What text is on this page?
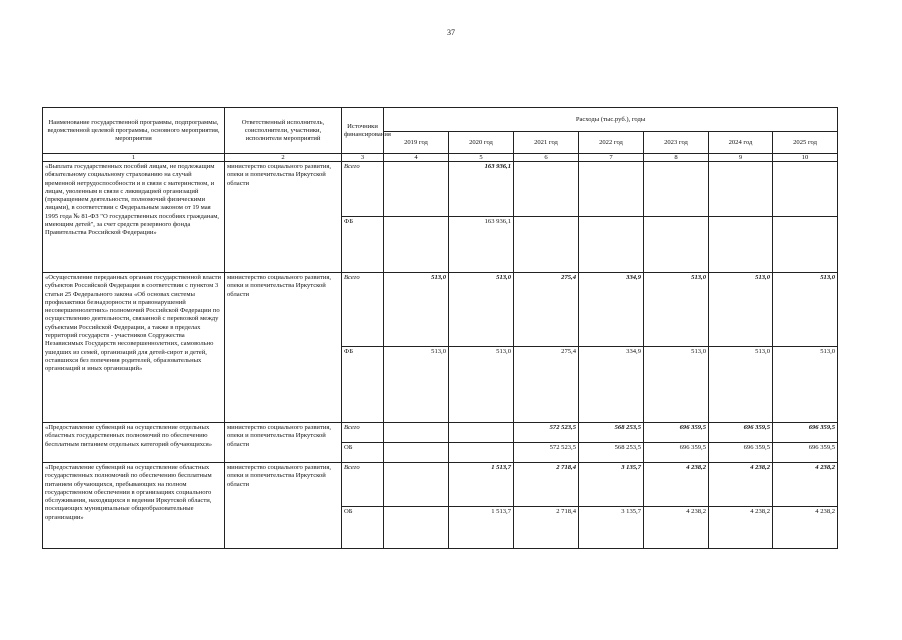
37
Наименование государственной программы, подпрограммы, ведомственной целевой программы, основного мероприятия, мероприятия	Ответственный исполнитель, соисполнители, участники, исполнители мероприятий	Источники финансирования	Расходы (тыс.руб.), годы						
			2019 год	2020 год	2021 год	2022 год	2023 год	2024 год	2025 год
1	2	3	4	5	6	7	8	9	10
«Выплата государственных пособий лицам, не подлежащим обязательному социальному страхованию на случай временной нетрудоспособности и в связи с материнством, и лицам, уволенным в связи с ликвидацией организаций (прекращением деятельности, полномочий физическими лицами), в соответствии с Федеральным законом от 19 мая 1995 года № 81-ФЗ "О государственных пособиях гражданам, имеющим детей", за счет средств резервного фонда Правительства Российской Федерации»	министерство социального развития, опеки и попечительства Иркутской области	Всего		163 936,1					
		ФБ		163 936,1					
«Осуществление переданных органам государственной власти субъектов Российской Федерации в соответствии с пунктом 3 статьи 25 Федерального закона «Об основах системы профилактики безнадзорности и правонарушений несовершеннолетних» полномочий Российской Федерации по осуществлению деятельности, связанной с перевозкой между субъектами Российской Федерации, а также в пределах территорий государств - участников Содружества Независимых Государств несовершеннолетних, самовольно ушедших из семей, организаций для детей-сирот и детей, оставшихся без попечения родителей, образовательных организаций и иных организаций»	министерство социального развития, опеки и попечительства Иркутской области	Всего	513,0	513,0	275,4	334,9	513,0	513,0	513,0
		ФБ	513,0	513,0	275,4	334,9	513,0	513,0	513,0
«Предоставление субвенций на осуществление отдельных областных государственных полномочий по обеспечению бесплатным питанием отдельных категорий обучающихся»	министерство социального развития, опеки и попечительства Иркутской области	Всего			572 523,5	568 253,5	696 359,5	696 359,5	696 359,5
		ОБ			572 523,5	568 253,5	696 359,5	696 359,5	696 359,5
«Предоставление субвенций на осуществление областных государственных полномочий по обеспечению бесплатным питанием обучающихся, пребывающих на полном государственном обеспечении в организациях социального обслуживания, находящихся в ведении Иркутской области, посещающих муниципальные общеобразовательные организации»	министерство социального развития, опеки и попечительства Иркутской области	Всего		1 513,7	2 718,4	3 135,7	4 238,2	4 238,2	4 238,2
		ОБ		1 513,7	2 718,4	3 135,7	4 238,2	4 238,2	4 238,2
